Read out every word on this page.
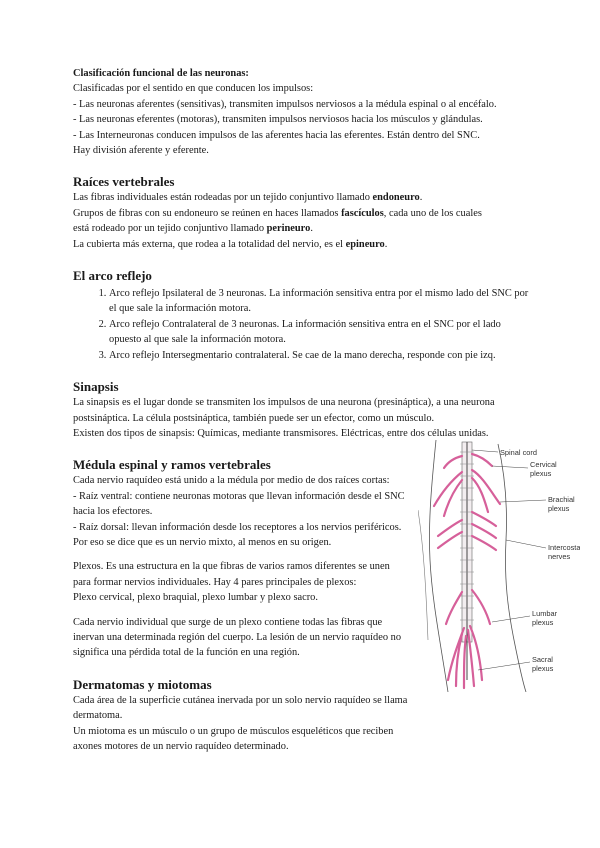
Clasificación funcional de las neuronas:
Clasificadas por el sentido en que conducen los impulsos:
- Las neuronas aferentes (sensitivas), transmiten impulsos nerviosos a la médula espinal o al encéfalo.
- Las neuronas eferentes (motoras), transmiten impulsos nerviosos hacia los músculos y glándulas.
- Las Interneuronas conducen impulsos de las aferentes hacia las eferentes. Están dentro del SNC.
Hay división aferente y eferente.
Raíces vertebrales
Las fibras individuales están rodeadas por un tejido conjuntivo llamado endoneuro.
Grupos de fibras con su endoneuro se reúnen en haces llamados fascículos, cada uno de los cuales
está rodeado por un tejido conjuntivo llamado perineuro.
La cubierta más externa, que rodea a la totalidad del nervio, es el epineuro.
El arco reflejo
1. Arco reflejo Ipsilateral de 3 neuronas. La información sensitiva entra por el mismo lado del SNC por el que sale la información motora.
2. Arco reflejo Contralateral de 3 neuronas. La información sensitiva entra en el SNC por el lado opuesto al que sale la información motora.
3. Arco reflejo Intersegmentario contralateral. Se cae de la mano derecha, responde con pie izq.
Sinapsis
La sinapsis es el lugar donde se transmiten los impulsos de una neurona (presináptica), a una neurona
postsináptica. La célula postsináptica, también puede ser un efector, como un músculo.
Existen dos tipos de sinapsis: Químicas, mediante transmisores. Eléctricas, entre dos células unidas.
Médula espinal y ramos vertebrales
Cada nervio raquídeo está unido a la médula por medio de dos raíces cortas:
- Raíz ventral: contiene neuronas motoras que llevan información desde el SNC
hacia los efectores.
- Raíz dorsal: llevan información desde los receptores a los nervios periféricos.
Por eso se dice que es un nervio mixto, al menos en su origen.
Plexos. Es una estructura en la que fibras de varios ramos diferentes se unen
para formar nervios individuales. Hay 4 pares principales de plexos:
Plexo cervical, plexo braquial, plexo lumbar y plexo sacro.
Cada nervio individual que surge de un plexo contiene todas las fibras que
inervan una determinada región del cuerpo. La lesión de un nervio raquídeo no
significa una pérdida total de la función en una región.
Dermatomas y miotomas
Cada área de la superficie cutánea inervada por un solo nervio raquídeo se llama
dermatoma.
Un miotoma es un músculo o un grupo de músculos esqueléticos que reciben
axones motores de un nervio raquídeo determinado.
Spinal cord
Cervical
plexus
Brachial
plexus
Intercostal
nerves
Lumbar
plexus
Sacral
plexus
